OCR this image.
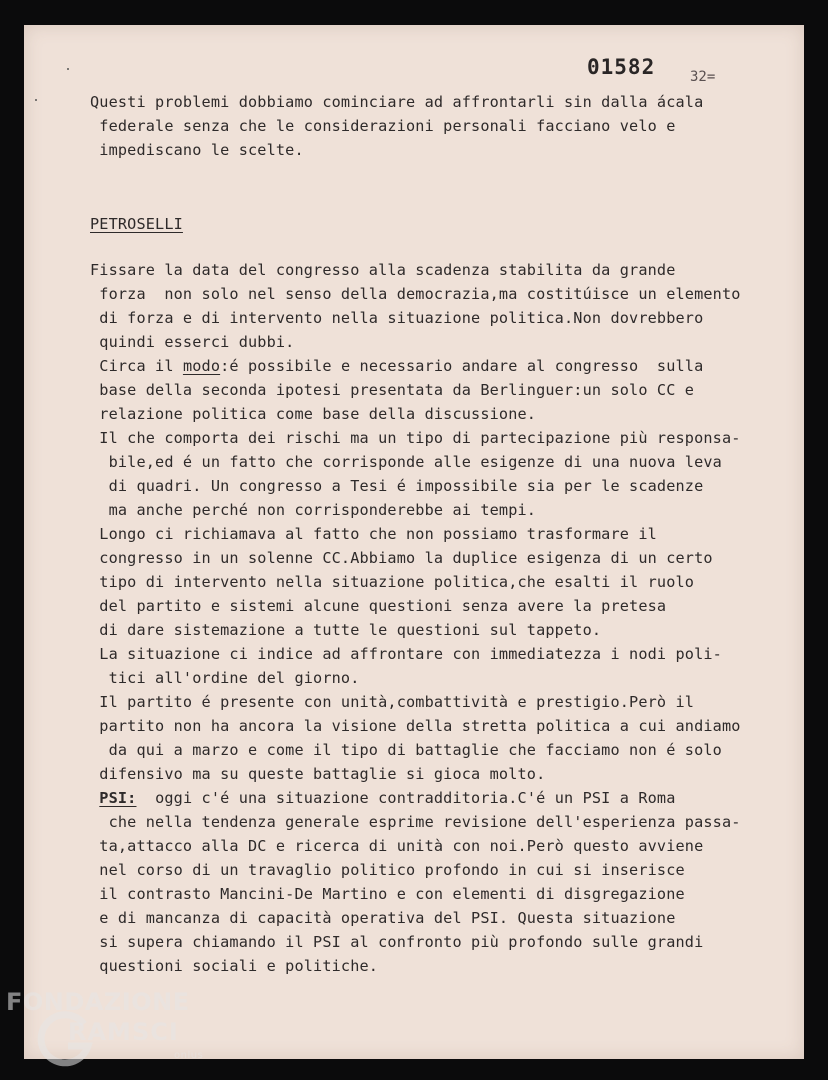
01582 32=
Questi problemi dobbiamo cominciare ad affrontarli sin dalla ácala
federale senza che le considerazioni personali facciano velo e
impediscano le scelte.
PETROSELLI
Fissare la data del congresso alla scadenza stabilita da grande
forza  non solo nel senso della democrazia,ma costitúisce un elemento
di forza e di intervento nella situazione politica.Non dovrebbero
quindi esserci dubbi.
Circa il modo:é possibile e necessario andare al congresso  sulla
base della seconda ipotesi presentata da Berlinguer:un solo CC e
relazione politica come base della discussione.
Il che comporta dei rischi ma un tipo di partecipazione più responsa-
bile,ed é un fatto che corrisponde alle esigenze di una nuova leva
di quadri. Un congresso a Tesi é impossibile sia per le scadenze
ma anche perché non corrisponderebbe ai tempi.
Longo ci richiamava al fatto che non possiamo trasformare il
congresso in un solenne CC.Abbiamo la duplice esigenza di un certo
tipo di intervento nella situazione politica,che esalti il ruolo
del partito e sistemi alcune questioni senza avere la pretesa
di dare sistemazione a tutte le questioni sul tappeto.
La situazione ci indice ad affrontare con immediatezza i nodi poli-
tici all'ordine del giorno.
Il partito é presente con unità,combattività e prestigio.Però il
partito non ha ancora la visione della stretta politica a cui andiamo
da qui a marzo e come il tipo di battaglie che facciamo non é solo
difensivo ma su queste battaglie si gioca molto.
PSI:  oggi c'é una situazione contradditoria.C'é un PSI a Roma
che nella tendenza generale esprime revisione dell'esperienza passa-
ta,attacco alla DC e ricerca di unità con noi.Però questo avviene
nel corso di un travaglio politico profondo in cui si inserisce
il contrasto Mancini-De Martino e con elementi di disgregazione
e di mancanza di capacità operativa del PSI. Questa situazione
si supera chiamando il PSI al confronto più profondo sulle grandi
questioni sociali e politiche.
FONDAZIONE
RAMSCI
onlus
